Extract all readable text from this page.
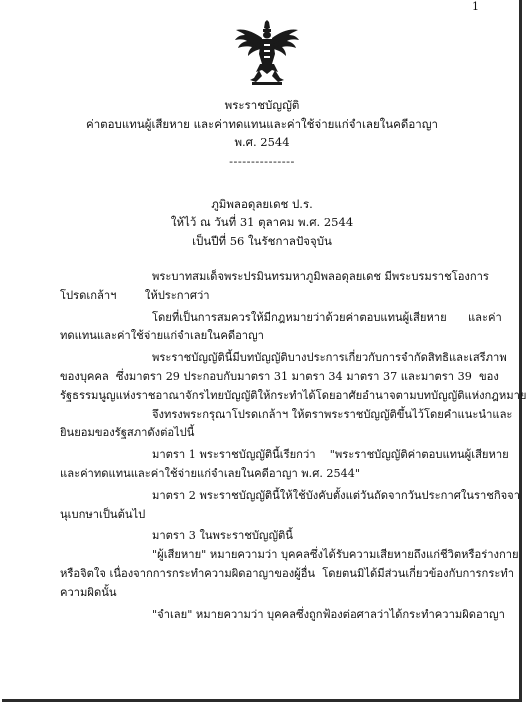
1
พระราชบัญญัติ
ค่าตอบแทนผู้เสียหาย และค่าทดแทนและค่าใช้จ่ายแก่จำเลยในคดีอาญา
พ.ศ. 2544
---------------
ภูมิพลอดุลยเดช ป.ร.
ให้ไว้ ณ วันที่ 31 ตุลาคม พ.ศ. 2544
เป็นปีที่ 56 ในรัชกาลปัจจุบัน
พระบาทสมเด็จพระปรมินทรมหาภูมิพลอดุลยเดช มีพระบรมราชโองการ
โปรดเกล้าฯ        ให้ประกาศว่า
โดยที่เป็นการสมควรให้มีกฎหมายว่าด้วยค่าตอบแทนผู้เสียหาย      และค่า
ทดแทนและค่าใช้จ่ายแก่จำเลยในคดีอาญา
พระราชบัญญัตินี้มีบทบัญญัติบางประการเกี่ยวกับการจำกัดสิทธิและเสรีภาพ
ของบุคคล  ซึ่งมาตรา 29 ประกอบกับมาตรา 31 มาตรา 34 มาตรา 37 และมาตรา 39  ของ
รัฐธรรมนูญแห่งราชอาณาจักรไทยบัญญัติให้กระทำได้โดยอาศัยอำนาจตามบทบัญญัติแห่งกฎหมาย
จึงทรงพระกรุณาโปรดเกล้าฯ ให้ตราพระราชบัญญัติขึ้นไว้โดยคำแนะนำและ
ยินยอมของรัฐสภาดังต่อไปนี้
มาตรา 1 พระราชบัญญัตินี้เรียกว่า    "พระราชบัญญัติค่าตอบแทนผู้เสียหาย
และค่าทดแทนและค่าใช้จ่ายแก่จำเลยในคดีอาญา พ.ศ. 2544"
มาตรา 2 พระราชบัญญัตินี้ให้ใช้บังคับตั้งแต่วันถัดจากวันประกาศในราชกิจจา
นุเบกษาเป็นต้นไป
มาตรา 3 ในพระราชบัญญัตินี้
"ผู้เสียหาย" หมายความว่า บุคคลซึ่งได้รับความเสียหายถึงแก่ชีวิตหรือร่างกาย
หรือจิตใจ เนื่องจากการกระทำความผิดอาญาของผู้อื่น  โดยตนมิได้มีส่วนเกี่ยวข้องกับการกระทำ
ความผิดนั้น
"จำเลย" หมายความว่า บุคคลซึ่งถูกฟ้องต่อศาลว่าได้กระทำความผิดอาญา
